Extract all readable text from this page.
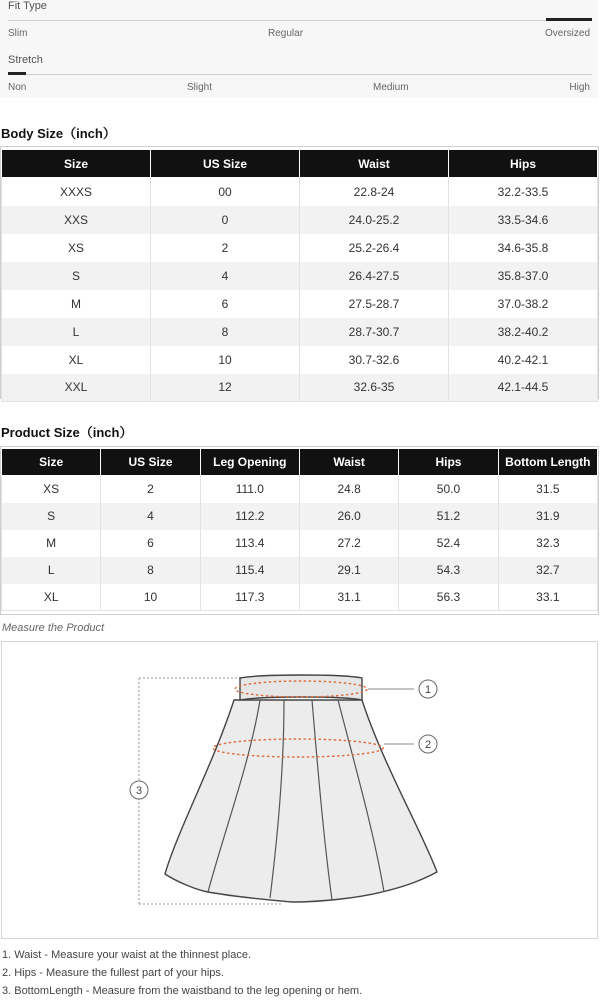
Fit Type
Slim	Regular	Oversized
Stretch
Non	Slight	Medium	High
Body Size（inch）
Size	US Size	Waist	Hips
XXXS	00	22.8-24	32.2-33.5
XXS	0	24.0-25.2	33.5-34.6
XS	2	25.2-26.4	34.6-35.8
S	4	26.4-27.5	35.8-37.0
M	6	27.5-28.7	37.0-38.2
L	8	28.7-30.7	38.2-40.2
XL	10	30.7-32.6	40.2-42.1
XXL	12	32.6-35	42.1-44.5
Product Size（inch）
Size	US Size	Leg Opening	Waist	Hips	Bottom Length
XS	2	111.0	24.8	50.0	31.5
S	4	112.2	26.0	51.2	31.9
M	6	113.4	27.2	52.4	32.3
L	8	115.4	29.1	54.3	32.7
XL	10	117.3	31.1	56.3	33.1
Measure the Product
1
2
3
1. Waist - Measure your waist at the thinnest place.
2. Hips - Measure the fullest part of your hips.
3. BottomLength - Measure from the waistband to the leg opening or hem.
